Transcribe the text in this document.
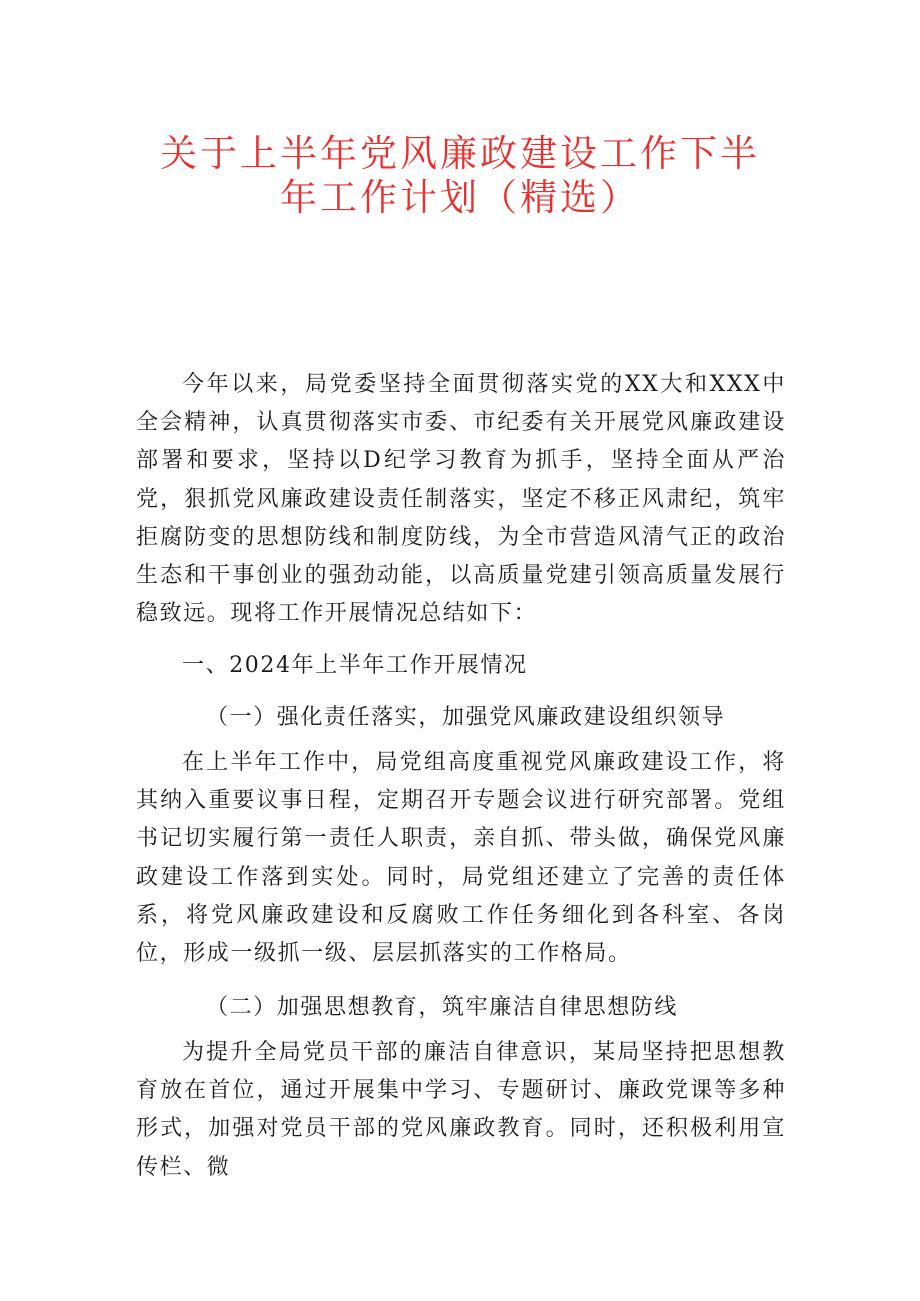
关于上半年党风廉政建设工作下半
年工作计划（精选）

今年以来，局党委坚持全面贯彻落实党的XX大和XXX中全会精神，认真贯彻落实市委、市纪委有关开展党风廉政建设部署和要求，坚持以D纪学习教育为抓手，坚持全面从严治党，狠抓党风廉政建设责任制落实，坚定不移正风肃纪，筑牢拒腐防变的思想防线和制度防线，为全市营造风清气正的政治生态和干事创业的强劲动能，以高质量党建引领高质量发展行稳致远。现将工作开展情况总结如下：

一、2024年上半年工作开展情况

（一）强化责任落实，加强党风廉政建设组织领导

在上半年工作中，局党组高度重视党风廉政建设工作，将其纳入重要议事日程，定期召开专题会议进行研究部署。党组书记切实履行第一责任人职责，亲自抓、带头做，确保党风廉政建设工作落到实处。同时，局党组还建立了完善的责任体系，将党风廉政建设和反腐败工作任务细化到各科室、各岗位，形成一级抓一级、层层抓落实的工作格局。

（二）加强思想教育，筑牢廉洁自律思想防线

为提升全局党员干部的廉洁自律意识，某局坚持把思想教育放在首位，通过开展集中学习、专题研讨、廉政党课等多种形式，加强对党员干部的党风廉政教育。同时，还积极利用宣传栏、微
